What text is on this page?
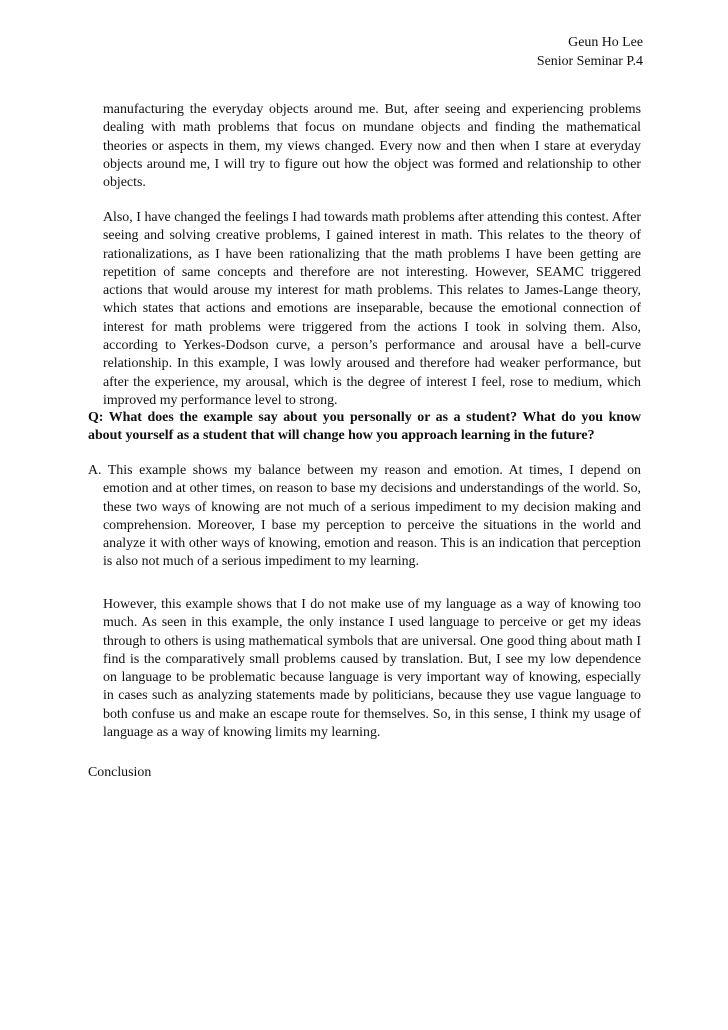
Geun Ho Lee
Senior Seminar P.4

manufacturing the everyday objects around me. But, after seeing and experiencing problems dealing with math problems that focus on mundane objects and finding the mathematical theories or aspects in them, my views changed. Every now and then when I stare at everyday objects around me, I will try to figure out how the object was formed and relationship to other objects.

Also, I have changed the feelings I had towards math problems after attending this contest. After seeing and solving creative problems, I gained interest in math. This relates to the theory of rationalizations, as I have been rationalizing that the math problems I have been getting are repetition of same concepts and therefore are not interesting. However, SEAMC triggered actions that would arouse my interest for math problems. This relates to James-Lange theory, which states that actions and emotions are inseparable, because the emotional connection of interest for math problems were triggered from the actions I took in solving them. Also, according to Yerkes-Dodson curve, a person’s performance and arousal have a bell-curve relationship. In this example, I was lowly aroused and therefore had weaker performance, but after the experience, my arousal, which is the degree of interest I feel, rose to medium, which improved my performance level to strong.

Q: What does the example say about you personally or as a student? What do you know about yourself as a student that will change how you approach learning in the future?

A. This example shows my balance between my reason and emotion. At times, I depend on emotion and at other times, on reason to base my decisions and understandings of the world. So, these two ways of knowing are not much of a serious impediment to my decision making and comprehension. Moreover, I base my perception to perceive the situations in the world and analyze it with other ways of knowing, emotion and reason. This is an indication that perception is also not much of a serious impediment to my learning.

However, this example shows that I do not make use of my language as a way of knowing too much. As seen in this example, the only instance I used language to perceive or get my ideas through to others is using mathematical symbols that are universal. One good thing about math I find is the comparatively small problems caused by translation. But, I see my low dependence on language to be problematic because language is very important way of knowing, especially in cases such as analyzing statements made by politicians, because they use vague language to both confuse us and make an escape route for themselves. So, in this sense, I think my usage of language as a way of knowing limits my learning.

Conclusion
